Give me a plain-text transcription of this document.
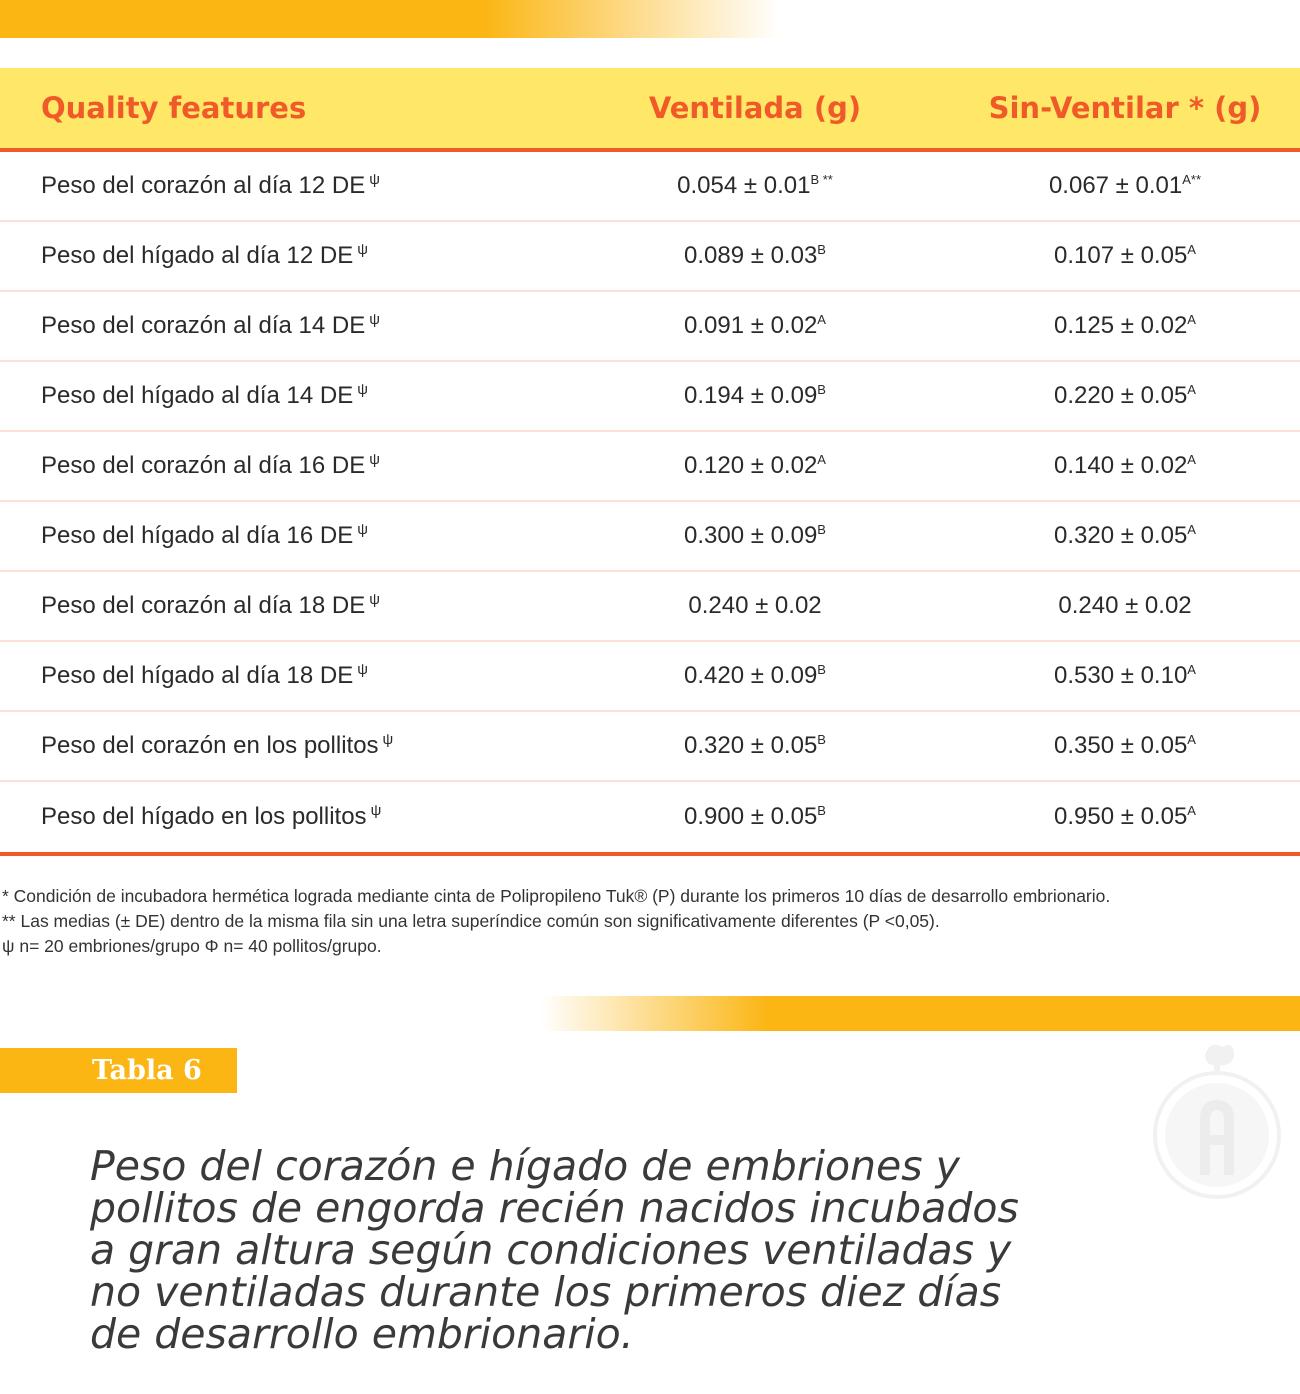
Quality features	Ventilada (g)	Sin-Ventilar * (g)
Peso del corazón al día 12 DE $^\psi$	$0.054 \pm 0.01^{B **}$	$0.067 \pm 0.01^{A**}$
Peso del hígado al día 12 DE $^\psi$	$0.089 \pm 0.03^B$	$0.107 \pm 0.05^A$
Peso del corazón al día 14 DE $^\psi$	$0.091 \pm 0.02^A$	$0.125 \pm 0.02^A$
Peso del hígado al día 14 DE $^\psi$	$0.194 \pm 0.09^B$	$0.220 \pm 0.05^A$
Peso del corazón al día 16 DE $^\psi$	$0.120 \pm 0.02^A$	$0.140 \pm 0.02^A$
Peso del hígado al día 16 DE $^\psi$	$0.300 \pm 0.09^B$	$0.320 \pm 0.05^A$
Peso del corazón al día 18 DE $^\psi$	0.240 ± 0.02	0.240 ± 0.02
Peso del hígado al día 18 DE $^\psi$	$0.420 \pm 0.09^B$	$0.530 \pm 0.10^A$
Peso del corazón en los pollitos $^\psi$	$0.320 \pm 0.05^B$	$0.350 \pm 0.05^A$
Peso del hígado en los pollitos $^\psi$	$0.900 \pm 0.05^B$	$0.950 \pm 0.05^A$
* Condición de incubadora hermética lograda mediante cinta de Polipropileno Tuk® (P) durante los primeros 10 días de desarrollo embrionario.
** Las medias (± DE) dentro de la misma fila sin una letra superíndice común son significativamente diferentes (P <0,05).
ψ n= 20 embriones/grupo Φ n= 40 pollitos/grupo.
Tabla 6
Peso del corazón e hígado de embriones y pollitos de engorda recién nacidos incubados a gran altura según condiciones ventiladas y no ventiladas durante los primeros diez días de desarrollo embrionario.
